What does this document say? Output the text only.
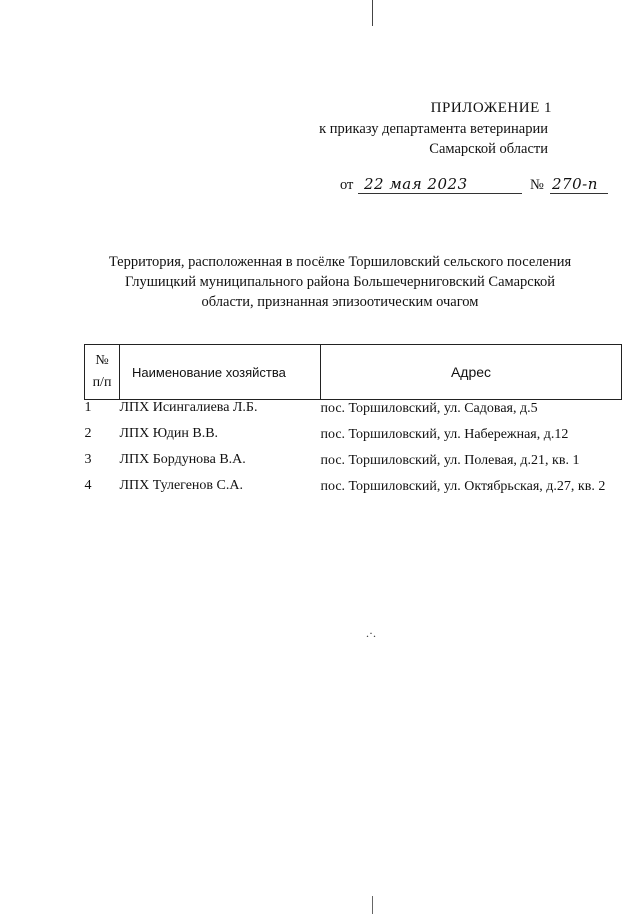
ПРИЛОЖЕНИЕ 1
к приказу департамента ветеринарии
Самарской области
от 22 мая 2023	№ 270-п
Территория, расположенная в посёлке Торшиловский сельского поселения
Глушицкий муниципального района Большечерниговский Самарской
области, признанная эпизоотическим очагом
№
п/п	Наименование хозяйства	Адрес
1	ЛПХ Исингалиева Л.Б.	пос. Торшиловский, ул. Садовая, д.5
2	ЛПХ Юдин В.В.	пос. Торшиловский, ул. Набережная, д.12
3	ЛПХ Бордунова В.А.	пос. Торшиловский, ул. Полевая, д.21, кв. 1
4	ЛПХ Тулегенов С.А.	пос. Торшиловский, ул. Октябрьская, д.27, кв. 2
.·.
